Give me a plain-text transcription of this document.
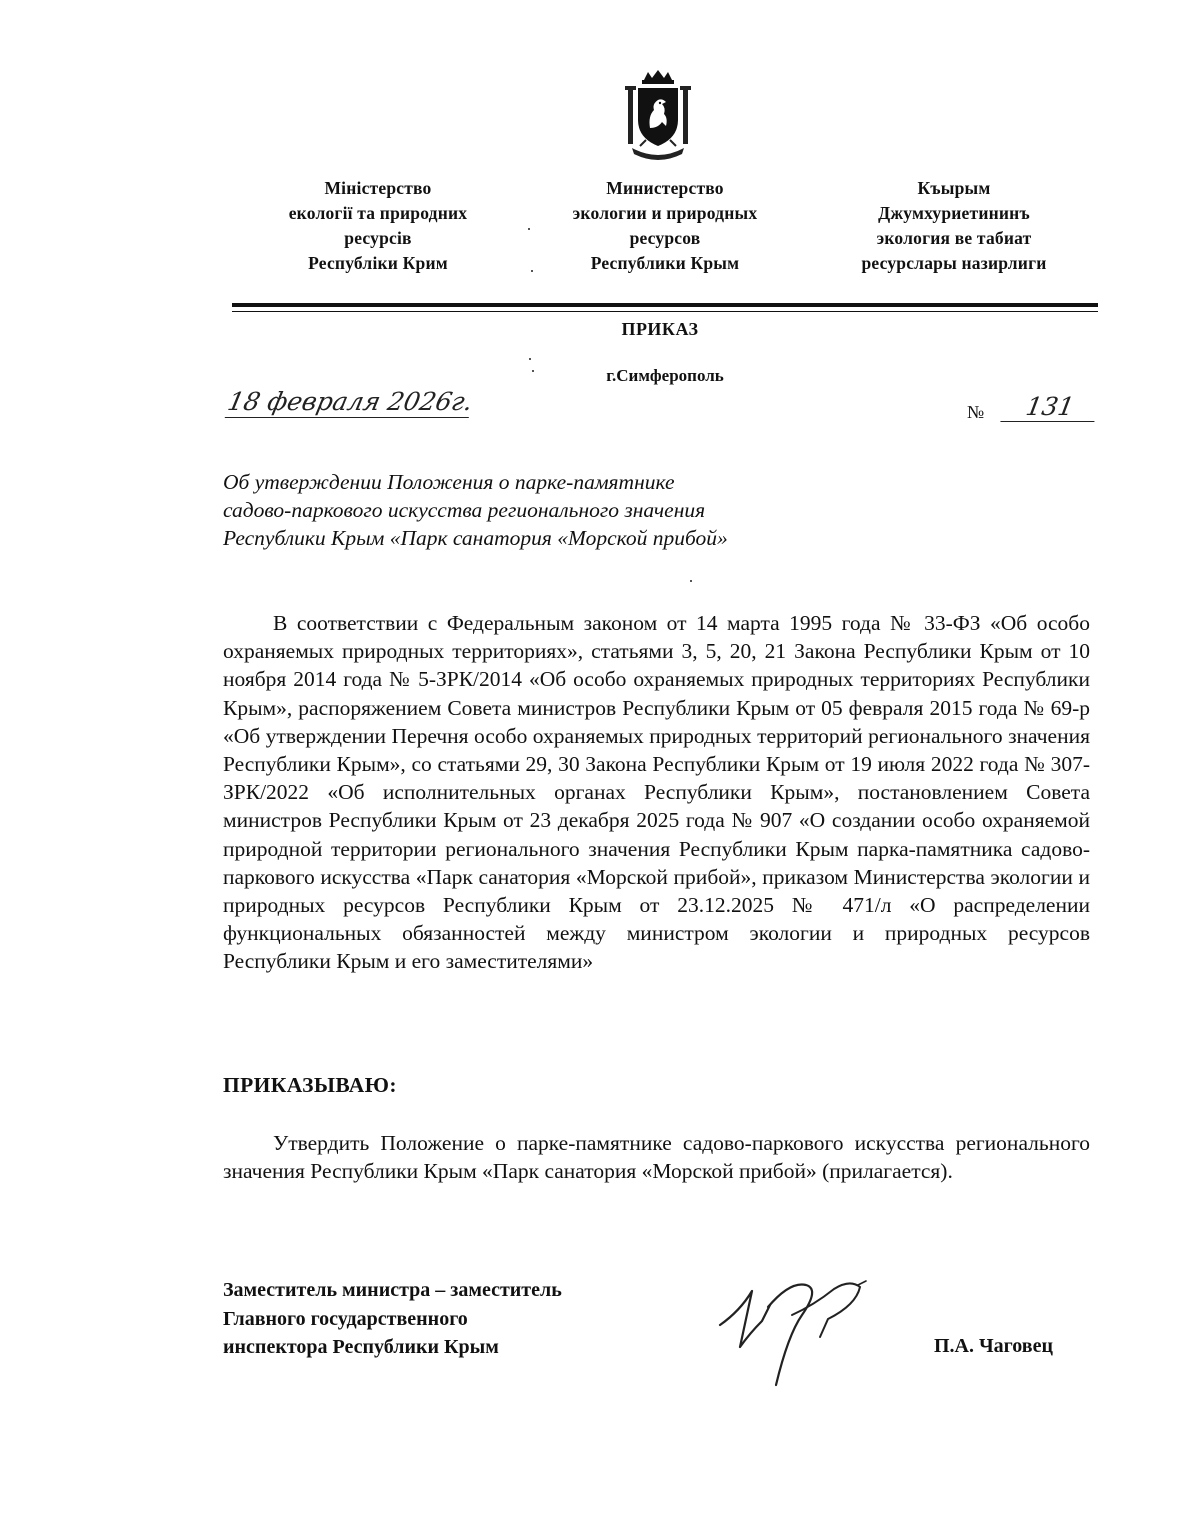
Міністерство
екології та природних
ресурсів
Республіки Крим
Министерство
экологии и природных
ресурсов
Республики Крым
Къырым
Джумхуриетининъ
экология ве табиат
ресурслары назирлиги
ПРИКАЗ
г.Симферополь
18 февраля 2026г.	№	131
Об утверждении Положения о парке-памятнике
садово-паркового искусства регионального значения
Республики Крым «Парк санатория «Морской прибой»
В соответствии с Федеральным законом от 14 марта 1995 года № 33-ФЗ «Об особо охраняемых природных территориях», статьями 3, 5, 20, 21 Закона Республики Крым от 10 ноября 2014 года № 5-ЗРК/2014 «Об особо охраняемых природных территориях Республики Крым», распоряжением Совета министров Республики Крым от 05 февраля 2015 года № 69-р «Об утверждении Перечня особо охраняемых природных территорий регионального значения Республики Крым», со статьями 29, 30 Закона Республики Крым от 19 июля 2022 года № 307-ЗРК/2022 «Об исполнительных органах Республики Крым», постановлением Совета министров Республики Крым от 23 декабря 2025 года № 907 «О создании особо охраняемой природной территории регионального значения Республики Крым парка-памятника садово-паркового искусства «Парк санатория «Морской прибой», приказом Министерства экологии и природных ресурсов Республики Крым от 23.12.2025 № 471/л «О распределении функциональных обязанностей между министром экологии и природных ресурсов Республики Крым и его заместителями»
ПРИКАЗЫВАЮ:
Утвердить Положение о парке-памятнике садово-паркового искусства регионального значения Республики Крым «Парк санатория «Морской прибой» (прилагается).
Заместитель министра – заместитель
Главного государственного
инспектора Республики Крым	П.А. Чаговец
